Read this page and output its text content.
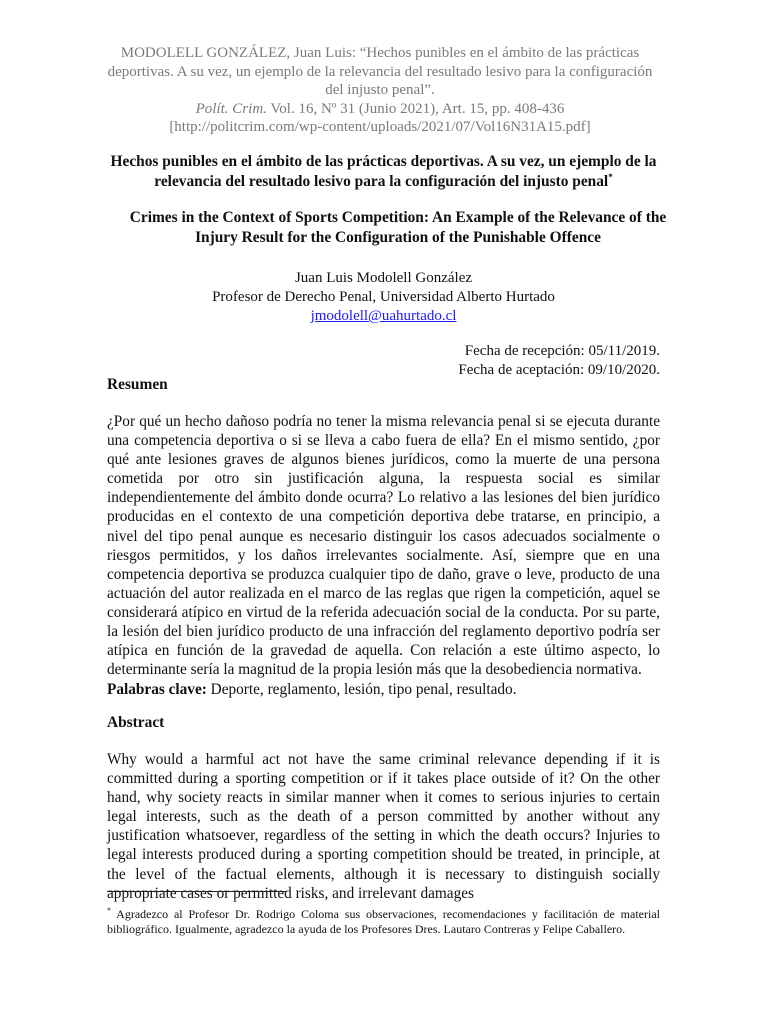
MODOLELL GONZÁLEZ, Juan Luis: “Hechos punibles en el ámbito de las prácticas deportivas. A su vez, un ejemplo de la relevancia del resultado lesivo para la configuración del injusto penal”.
Polít. Crim. Vol. 16, Nº 31 (Junio 2021), Art. 15, pp. 408-436
[http://politcrim.com/wp-content/uploads/2021/07/Vol16N31A15.pdf]
Hechos punibles en el ámbito de las prácticas deportivas. A su vez, un ejemplo de la relevancia del resultado lesivo para la configuración del injusto penal*
Crimes in the Context of Sports Competition: An Example of the Relevance of the Injury Result for the Configuration of the Punishable Offence
Juan Luis Modolell González
Profesor de Derecho Penal, Universidad Alberto Hurtado
jmodolell@uahurtado.cl
Fecha de recepción: 05/11/2019.
Fecha de aceptación: 09/10/2020.
Resumen
¿Por qué un hecho dañoso podría no tener la misma relevancia penal si se ejecuta durante una competencia deportiva o si se lleva a cabo fuera de ella? En el mismo sentido, ¿por qué ante lesiones graves de algunos bienes jurídicos, como la muerte de una persona cometida por otro sin justificación alguna, la respuesta social es similar independientemente del ámbito donde ocurra? Lo relativo a las lesiones del bien jurídico producidas en el contexto de una competición deportiva debe tratarse, en principio, a nivel del tipo penal aunque es necesario distinguir los casos adecuados socialmente o riesgos permitidos, y los daños irrelevantes socialmente. Así, siempre que en una competencia deportiva se produzca cualquier tipo de daño, grave o leve, producto de una actuación del autor realizada en el marco de las reglas que rigen la competición, aquel se considerará atípico en virtud de la referida adecuación social de la conducta. Por su parte, la lesión del bien jurídico producto de una infracción del reglamento deportivo podría ser atípica en función de la gravedad de aquella. Con relación a este último aspecto, lo determinante sería la magnitud de la propia lesión más que la desobediencia normativa.
Palabras clave: Deporte, reglamento, lesión, tipo penal, resultado.
Abstract
Why would a harmful act not have the same criminal relevance depending if it is committed during a sporting competition or if it takes place outside of it? On the other hand, why society reacts in similar manner when it comes to serious injuries to certain legal interests, such as the death of a person committed by another without any justification whatsoever, regardless of the setting in which the death occurs? Injuries to legal interests produced during a sporting competition should be treated, in principle, at the level of the factual elements, although it is necessary to distinguish socially appropriate cases or permitted risks, and irrelevant damages
* Agradezco al Profesor Dr. Rodrigo Coloma sus observaciones, recomendaciones y facilitación de material bibliográfico. Igualmente, agradezco la ayuda de los Profesores Dres. Lautaro Contreras y Felipe Caballero.
